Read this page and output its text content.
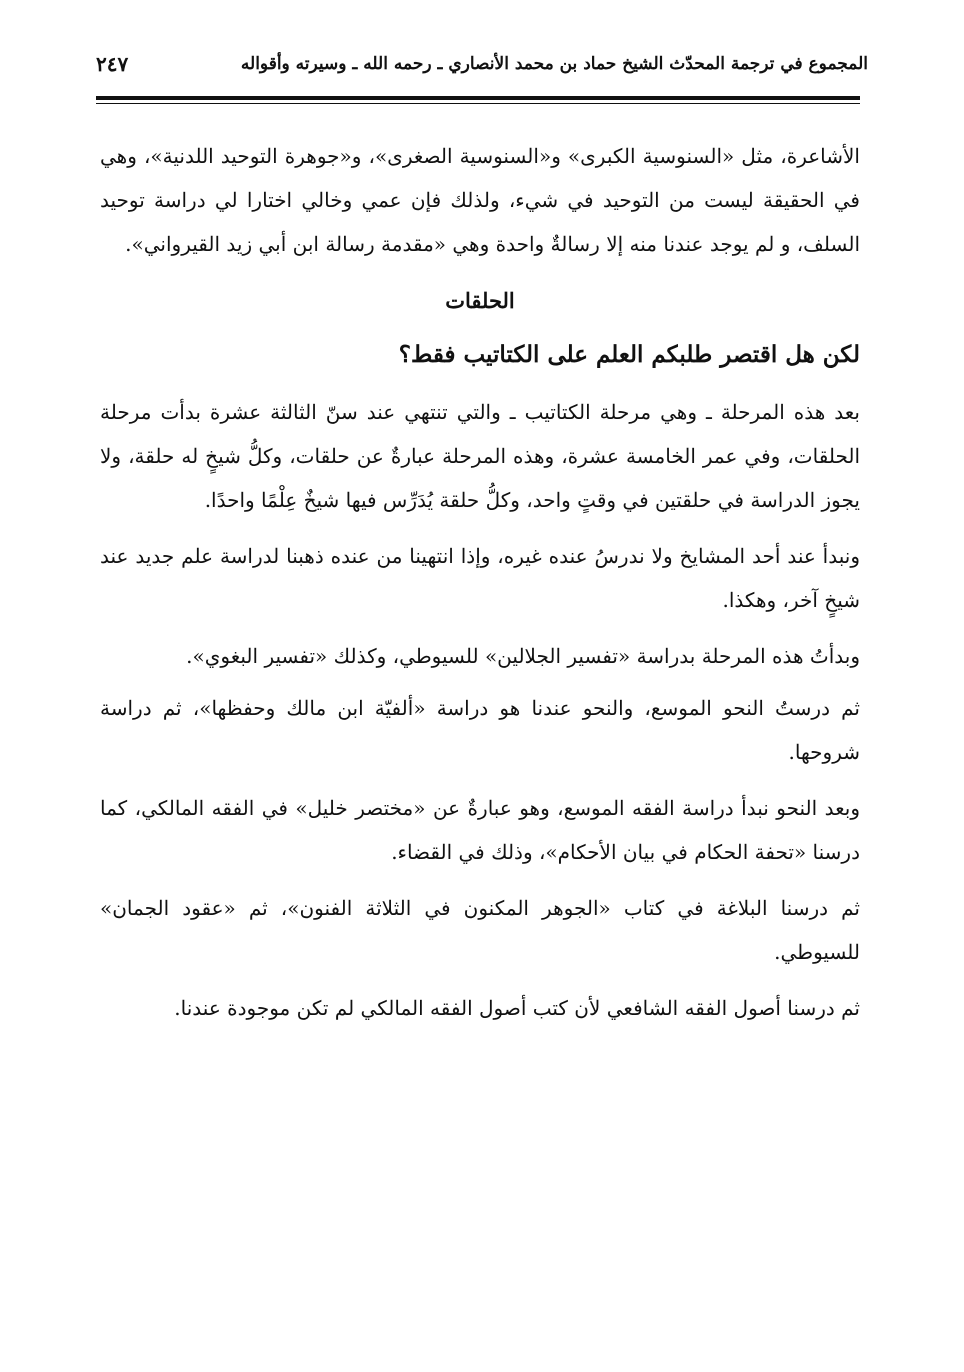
المجموع في ترجمة المحدّث الشيخ حماد بن محمد الأنصاري ـ رحمه الله ـ وسيرته وأقواله
٢٤٧

الأشاعرة، مثل «السنوسية الكبرى» و«السنوسية الصغرى»، و«جوهرة التوحيد اللدنية»، وهي في الحقيقة ليست من التوحيد في شيء، ولذلك فإن عمي وخالي اختارا لي دراسة توحيد السلف، و لم يوجد عندنا منه إلا رسالةٌ واحدة وهي «مقدمة رسالة ابن أبي زيد القيرواني».

الحلقات
لكن هل اقتصر طلبكم العلم على الكتاتيب فقط؟

بعد هذه المرحلة ـ وهي مرحلة الكتاتيب ـ والتي تنتهي عند سنّ الثالثة عشرة بدأت مرحلة الحلقات، وفي عمر الخامسة عشرة، وهذه المرحلة عبارةٌ عن حلقات، وكلُّ شيخٍ له حلقة، ولا يجوز الدراسة في حلقتين في وقتٍ واحد، وكلُّ حلقة يُدَرِّس فيها شيخٌ عِلْمًا واحدًا.

ونبدأ عند أحد المشايخ ولا ندرسُ عنده غيره، وإذا انتهينا من عنده ذهبنا لدراسة علم جديد عند شيخٍ آخر، وهكذا.

وبدأتُ هذه المرحلة بدراسة «تفسير الجلالين» للسيوطي، وكذلك «تفسير البغوي».

ثم درستُ النحو الموسع، والنحو عندنا هو دراسة «ألفيّة ابن مالك وحفظها»، ثم دراسة شروحها.

وبعد النحو نبدأ دراسة الفقه الموسع، وهو عبارةٌ عن «مختصر خليل» في الفقه المالكي، كما درسنا «تحفة الحكام في بيان الأحكام»، وذلك في القضاء.

ثم درسنا البلاغة في كتاب «الجوهر المكنون في الثلاثة الفنون»، ثم «عقود الجمان» للسيوطي.

ثم درسنا أصول الفقه الشافعي لأن كتب أصول الفقه المالكي لم تكن موجودة عندنا.
